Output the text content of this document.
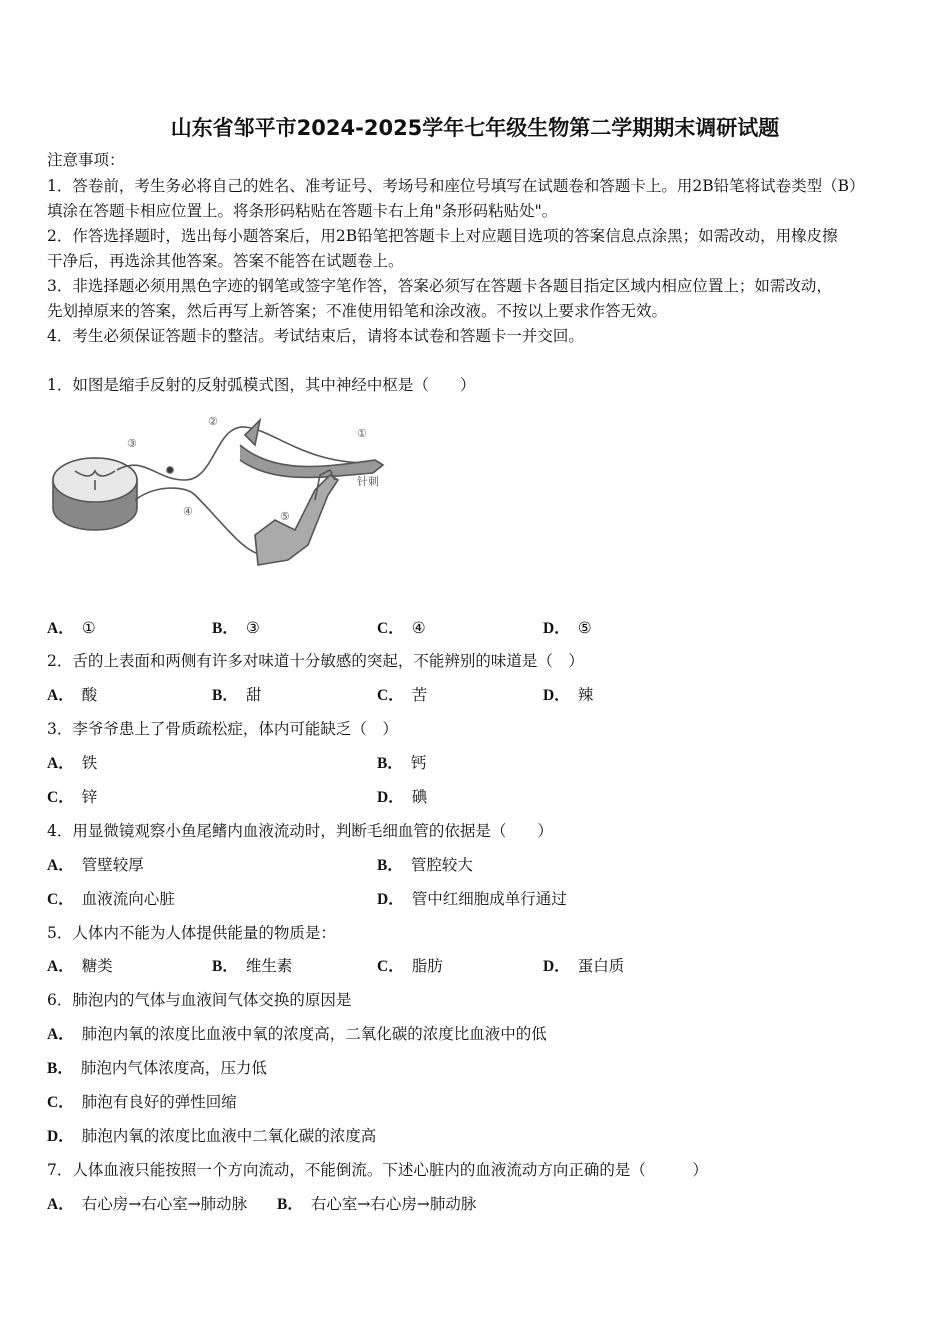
山东省邹平市2024-2025学年七年级生物第二学期期末调研试题
注意事项：
1．答卷前，考生务必将自己的姓名、准考证号、考场号和座位号填写在试题卷和答题卡上。用2B铅笔将试卷类型（B）
填涂在答题卡相应位置上。将条形码粘贴在答题卡右上角"条形码粘贴处"。
2．作答选择题时，选出每小题答案后，用2B铅笔把答题卡上对应题目选项的答案信息点涂黑；如需改动，用橡皮擦
干净后，再选涂其他答案。答案不能答在试题卷上。
3．非选择题必须用黑色字迹的钢笔或签字笔作答，答案必须写在答题卡各题目指定区域内相应位置上；如需改动，
先划掉原来的答案，然后再写上新答案；不准使用铅笔和涂改液。不按以上要求作答无效。
4．考生必须保证答题卡的整洁。考试结束后，请将本试卷和答题卡一并交回。
1．如图是缩手反射的反射弧模式图，其中神经中枢是（　　）
①
②
③
④	⑤
针刺
A． ①	B． ③	C． ④	D． ⑤
2．舌的上表面和两侧有许多对味道十分敏感的突起，不能辨别的味道是（　）
A． 酸	B． 甜	C． 苦	D． 辣
3．李爷爷患上了骨质疏松症，体内可能缺乏（　）
A． 铁	B． 钙
C． 锌	D． 碘
4．用显微镜观察小鱼尾鳍内血液流动时，判断毛细血管的依据是（　　）
A． 管壁较厚	B． 管腔较大
C． 血液流向心脏	D． 管中红细胞成单行通过
5．人体内不能为人体提供能量的物质是：
A． 糖类	B． 维生素	C． 脂肪	D． 蛋白质
6．肺泡内的气体与血液间气体交换的原因是
A． 肺泡内氧的浓度比血液中氧的浓度高，二氧化碳的浓度比血液中的低
B． 肺泡内气体浓度高，压力低
C． 肺泡有良好的弹性回缩
D． 肺泡内氧的浓度比血液中二氧化碳的浓度高
7．人体血液只能按照一个方向流动，不能倒流。下述心脏内的血液流动方向正确的是（　　　）
A． 右心房→右心室→肺动脉 B． 右心室→右心房→肺动脉
